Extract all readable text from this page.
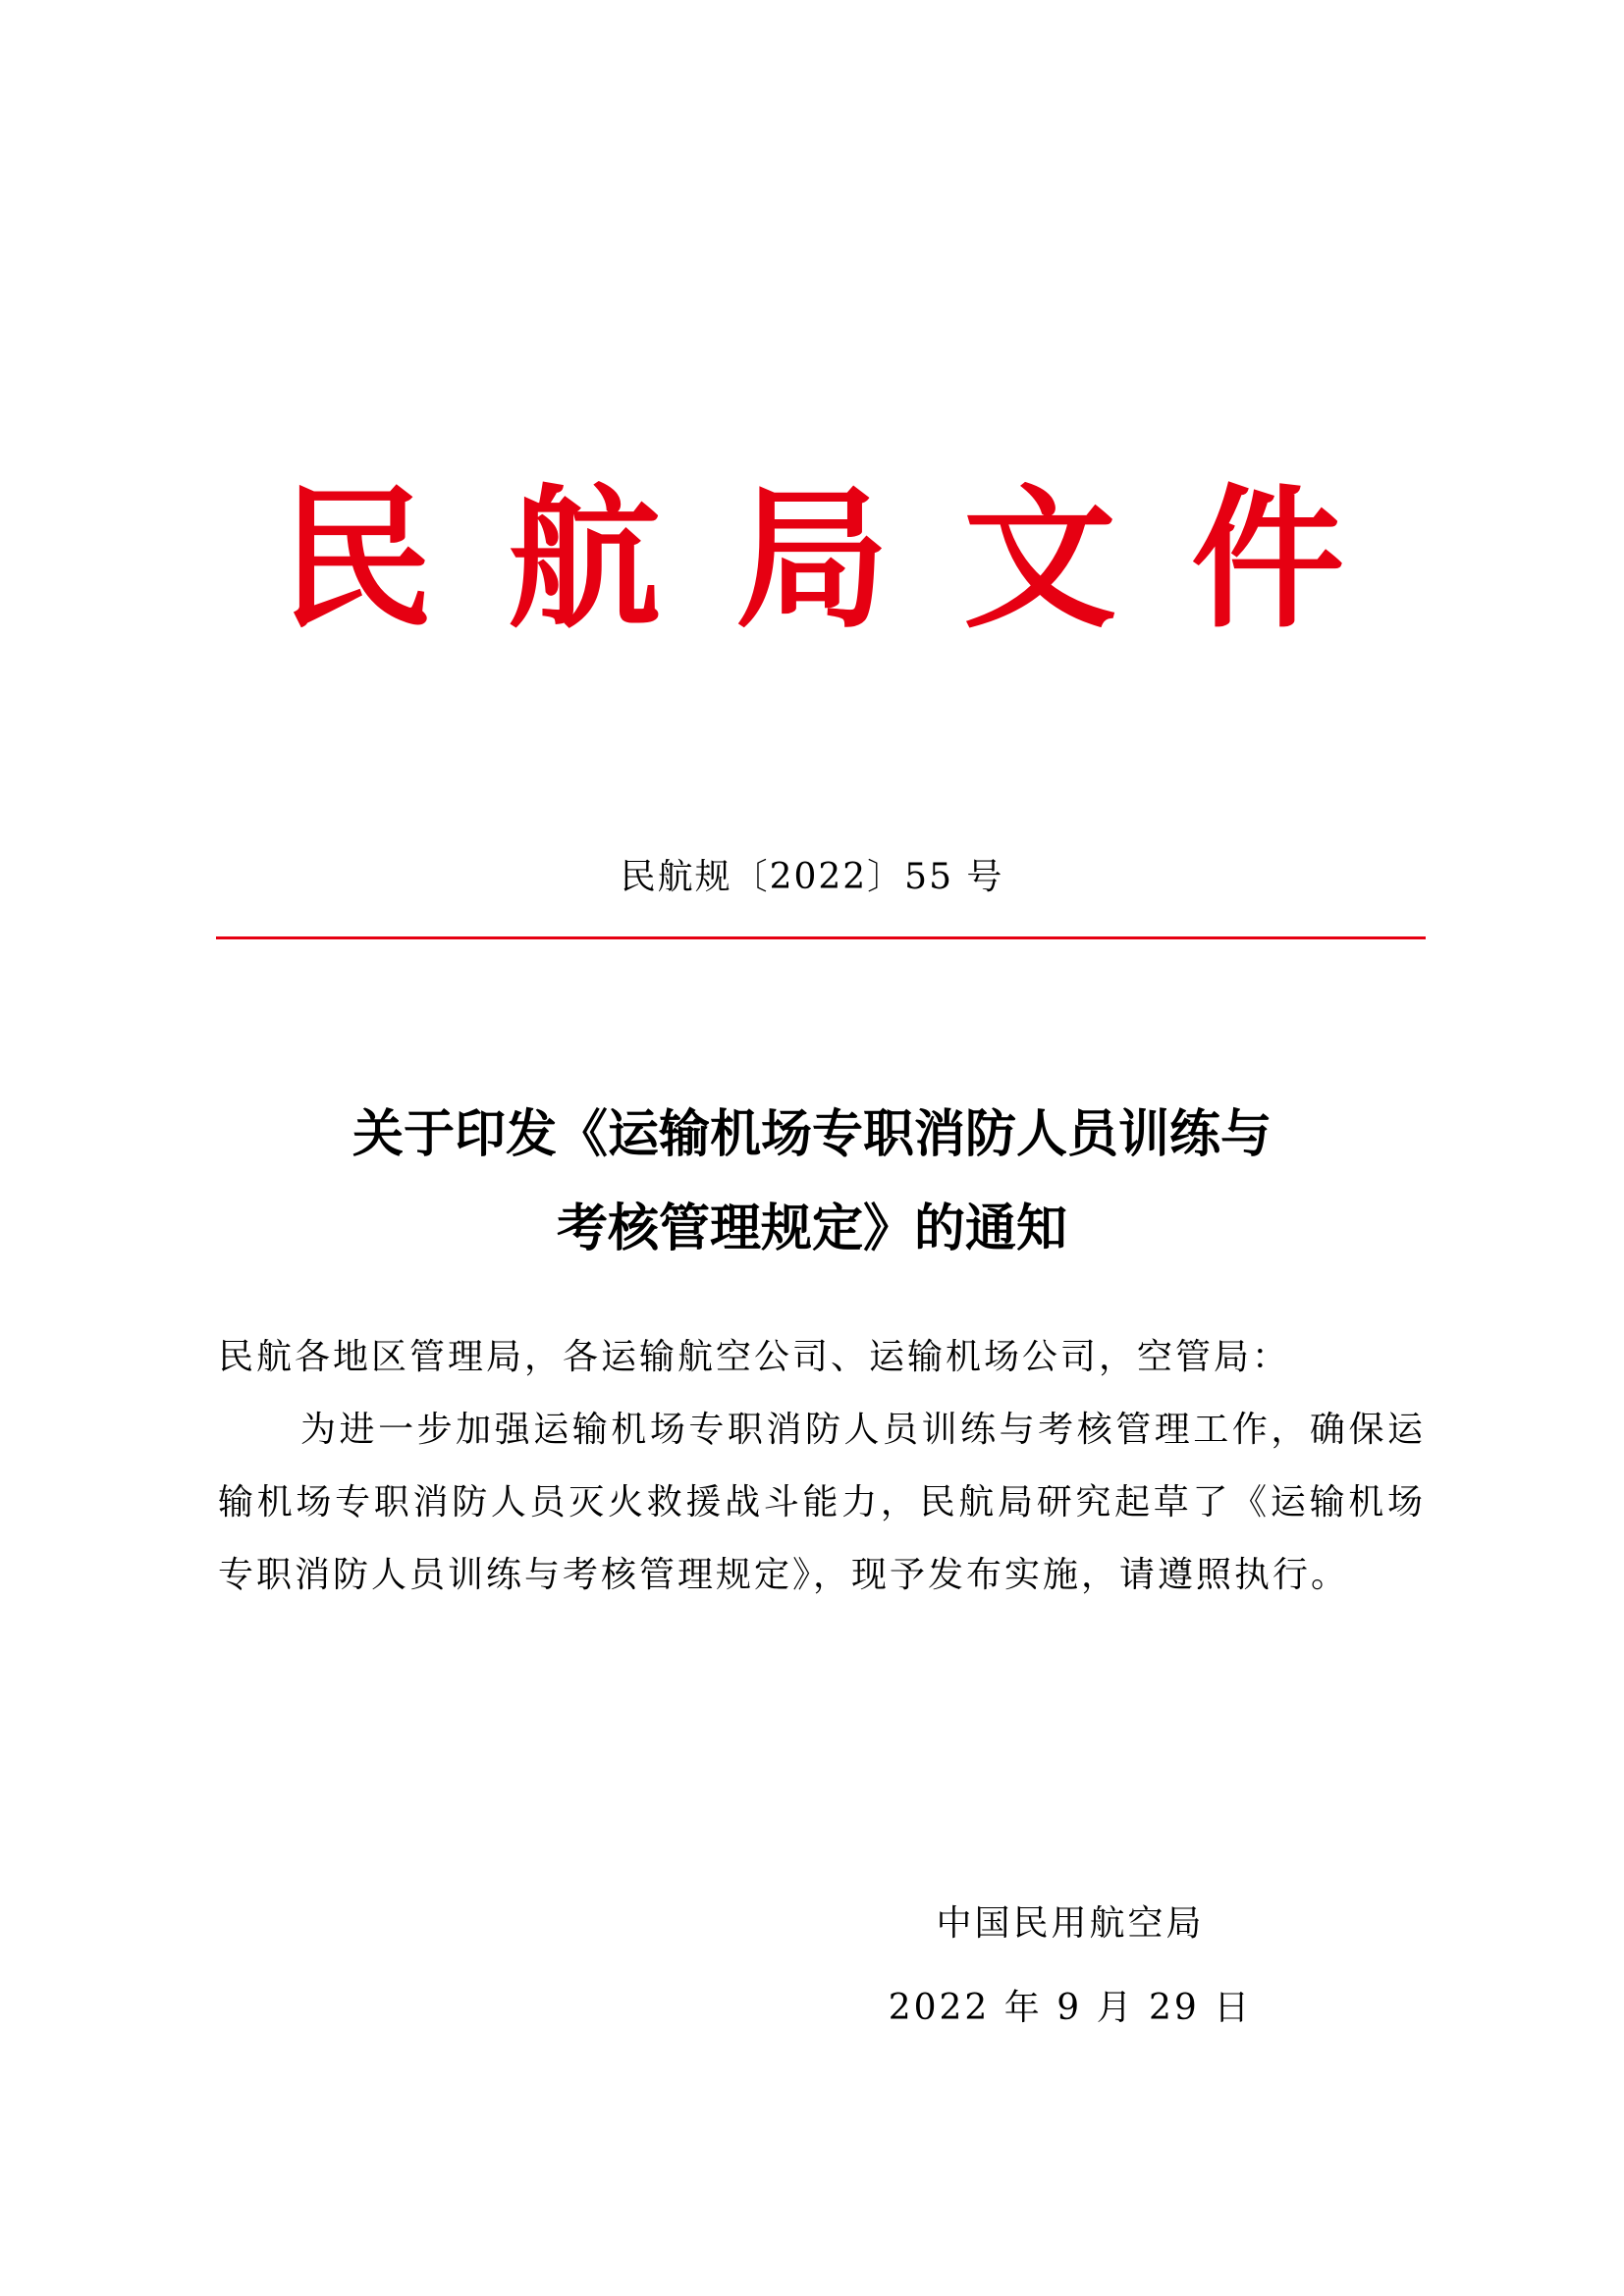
民 航 局 文 件
民航规〔2022〕55 号
关于印发《运输机场专职消防人员训练与
考核管理规定》的通知

民航各地区管理局，各运输航空公司、运输机场公司，空管局：

为进一步加强运输机场专职消防人员训练与考核管理工作，确保运输机场专职消防人员灭火救援战斗能力，民航局研究起草了《运输机场专职消防人员训练与考核管理规定》，现予发布实施，请遵照执行。

中国民用航空局
2022 年 9 月 29 日
